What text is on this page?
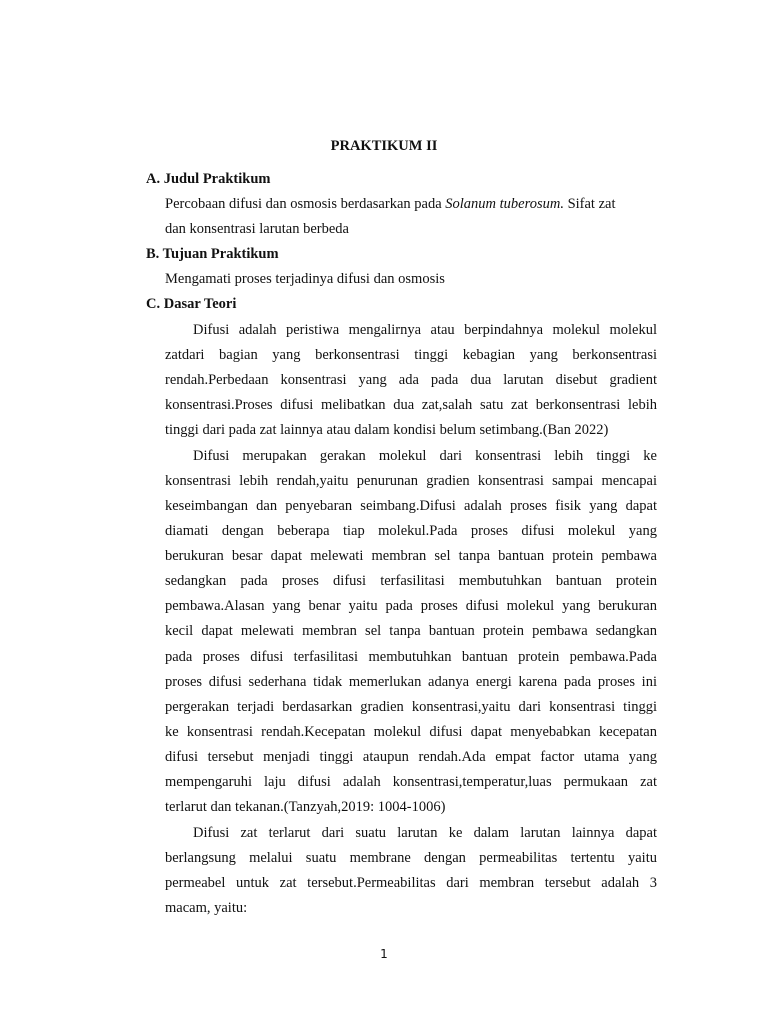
PRAKTIKUM II
A. Judul Praktikum
Percobaan difusi dan osmosis berdasarkan pada Solanum tuberosum. Sifat zat
dan konsentrasi larutan berbeda
B. Tujuan Praktikum
Mengamati proses terjadinya difusi dan osmosis
C. Dasar Teori
Difusi adalah peristiwa mengalirnya atau berpindahnya molekul molekul
zatdari bagian yang berkonsentrasi tinggi kebagian yang berkonsentrasi
rendah.Perbedaan konsentrasi yang ada pada dua larutan disebut gradient
konsentrasi.Proses difusi melibatkan dua zat,salah satu zat berkonsentrasi lebih
tinggi dari pada zat lainnya atau dalam kondisi belum setimbang.(Ban 2022)
Difusi merupakan gerakan molekul dari konsentrasi lebih tinggi ke
konsentrasi lebih rendah,yaitu penurunan gradien konsentrasi sampai mencapai
keseimbangan dan penyebaran seimbang.Difusi adalah proses fisik yang dapat
diamati dengan beberapa tiap molekul.Pada proses difusi molekul yang
berukuran besar dapat melewati membran sel tanpa bantuan protein pembawa
sedangkan pada proses difusi terfasilitasi membutuhkan bantuan protein
pembawa.Alasan yang benar yaitu pada proses difusi molekul yang berukuran
kecil dapat melewati membran sel tanpa bantuan protein pembawa sedangkan
pada proses difusi terfasilitasi membutuhkan bantuan protein pembawa.Pada
proses difusi sederhana tidak memerlukan adanya energi karena pada proses ini
pergerakan terjadi berdasarkan gradien konsentrasi,yaitu dari konsentrasi tinggi
ke konsentrasi rendah.Kecepatan molekul difusi dapat menyebabkan kecepatan
difusi tersebut menjadi tinggi ataupun rendah.Ada empat factor utama yang
mempengaruhi laju difusi adalah konsentrasi,temperatur,luas permukaan zat
terlarut dan tekanan.(Tanzyah,2019: 1004-1006)
Difusi zat terlarut dari suatu larutan ke dalam larutan lainnya dapat
berlangsung melalui suatu membrane dengan permeabilitas tertentu yaitu
permeabel untuk zat tersebut.Permeabilitas dari membran tersebut adalah 3
macam, yaitu:
1
